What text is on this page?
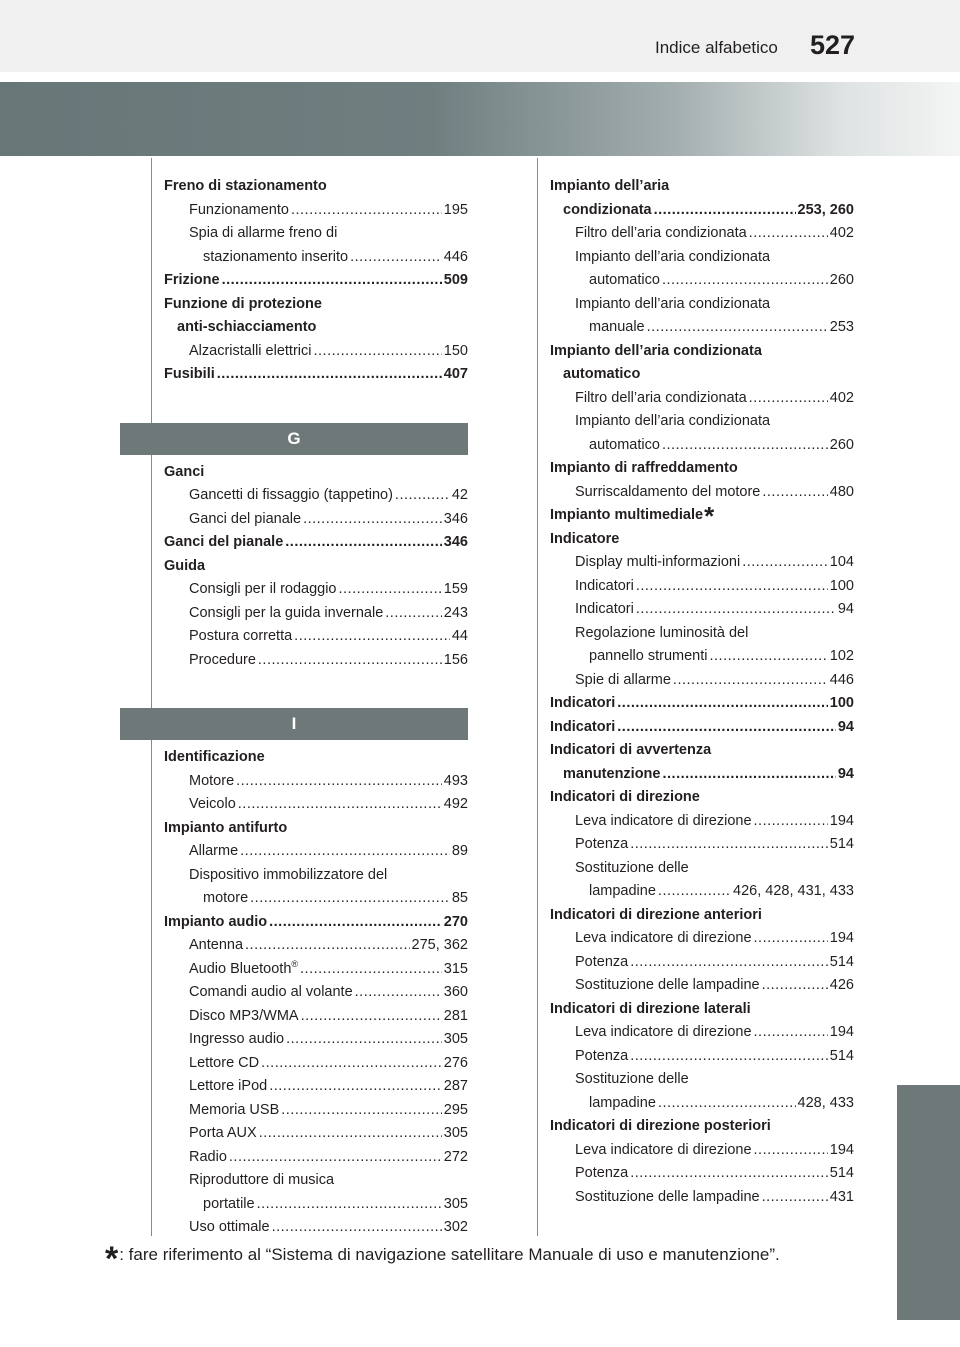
Indice alfabetico 527
Freno di stazionamento
Funzionamento .....	195
Spia di allarme freno di
stazionamento inserito .....	446
Frizione .....	509
Funzione di protezione
anti-schiacciamento
Alzacristalli elettrici .....	150
Fusibili .....	407
G
Ganci
Gancetti di fissaggio (tappetino) .....	42
Ganci del pianale .....	346
Ganci del pianale .....	346
Guida
Consigli per il rodaggio .....	159
Consigli per la guida invernale .....	243
Postura corretta .....	44
Procedure .....	156
I
Identificazione
Motore .....	493
Veicolo .....	492
Impianto antifurto
Allarme .....	89
Dispositivo immobilizzatore del
motore .....	85
Impianto audio .....	270
Antenna .....	275, 362
Audio Bluetooth® .....	315
Comandi audio al volante .....	360
Disco MP3/WMA .....	281
Ingresso audio .....	305
Lettore CD .....	276
Lettore iPod .....	287
Memoria USB .....	295
Porta AUX .....	305
Radio .....	272
Riproduttore di musica
portatile .....	305
Uso ottimale .....	302
Impianto dell’aria
condizionata .....	253, 260
Filtro dell’aria condizionata .....	402
Impianto dell’aria condizionata
automatico .....	260
Impianto dell’aria condizionata
manuale .....	253
Impianto dell’aria condizionata
automatico
Filtro dell’aria condizionata .....	402
Impianto dell’aria condizionata
automatico .....	260
Impianto di raffreddamento
Surriscaldamento del motore .....	480
Impianto multimediale*
Indicatore
Display multi-informazioni .....	104
Indicatori .....	100
Indicatori .....	94
Regolazione luminosità del
pannello strumenti .....	102
Spie di allarme .....	446
Indicatori .....	100
Indicatori .....	94
Indicatori di avvertenza
manutenzione .....	94
Indicatori di direzione
Leva indicatore di direzione .....	194
Potenza .....	514
Sostituzione delle
lampadine .....	426, 428, 431, 433
Indicatori di direzione anteriori
Leva indicatore di direzione .....	194
Potenza .....	514
Sostituzione delle lampadine .....	426
Indicatori di direzione laterali
Leva indicatore di direzione .....	194
Potenza .....	514
Sostituzione delle
lampadine .....	428, 433
Indicatori di direzione posteriori
Leva indicatore di direzione .....	194
Potenza .....	514
Sostituzione delle lampadine .....	431
*: fare riferimento al “Sistema di navigazione satellitare Manuale di uso e manutenzione”.
